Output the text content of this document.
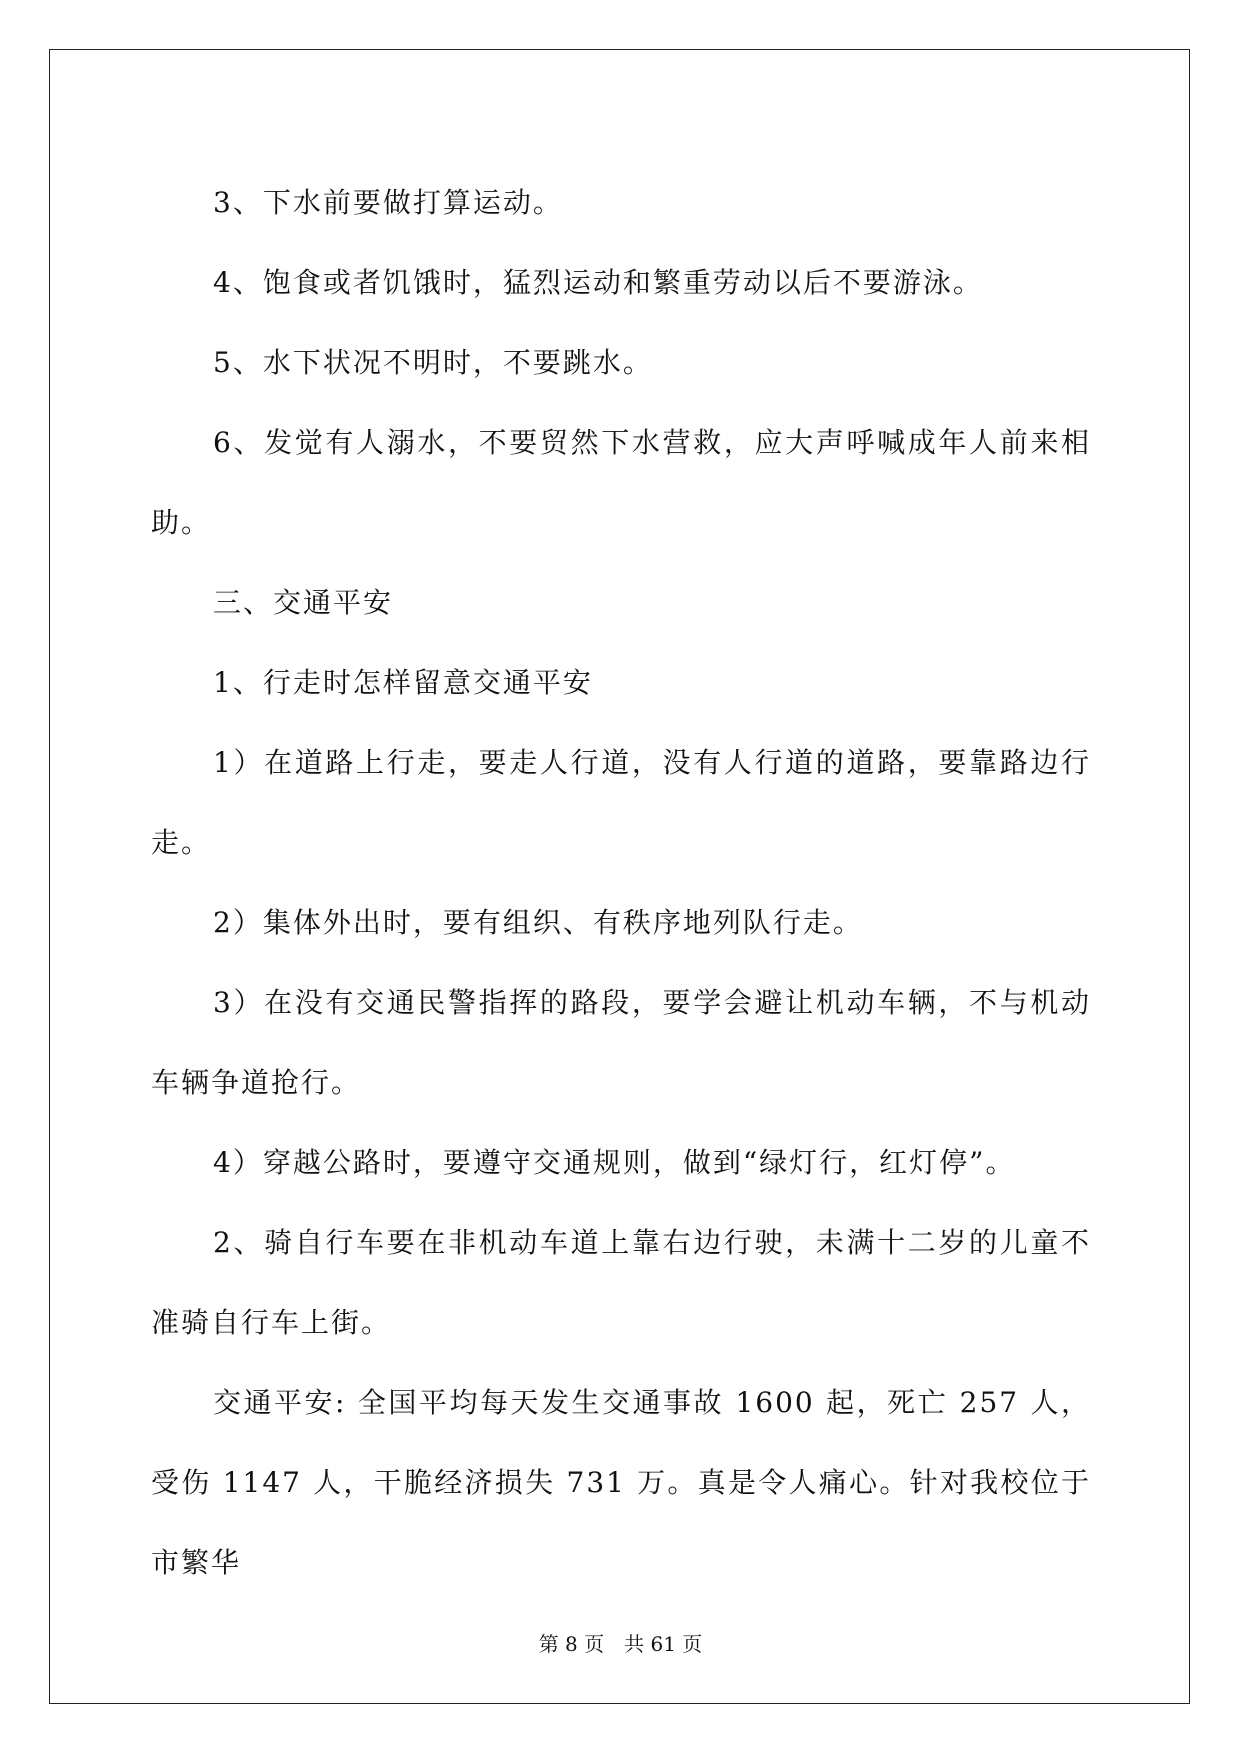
3、下水前要做打算运动。

4、饱食或者饥饿时，猛烈运动和繁重劳动以后不要游泳。

5、水下状况不明时，不要跳水。

6、发觉有人溺水，不要贸然下水营救，应大声呼喊成年人前来相助。

三、交通平安

1、行走时怎样留意交通平安

1）在道路上行走，要走人行道，没有人行道的道路，要靠路边行走。

2）集体外出时，要有组织、有秩序地列队行走。

3）在没有交通民警指挥的路段，要学会避让机动车辆，不与机动车辆争道抢行。

4）穿越公路时，要遵守交通规则，做到“绿灯行，红灯停”。

2、骑自行车要在非机动车道上靠右边行驶，未满十二岁的儿童不准骑自行车上街。

交通平安: 全国平均每天发生交通事故 1600 起，死亡 257 人，受伤 1147 人，干脆经济损失 731 万。真是令人痛心。针对我校位于市繁华

第 8 页　共 61 页
